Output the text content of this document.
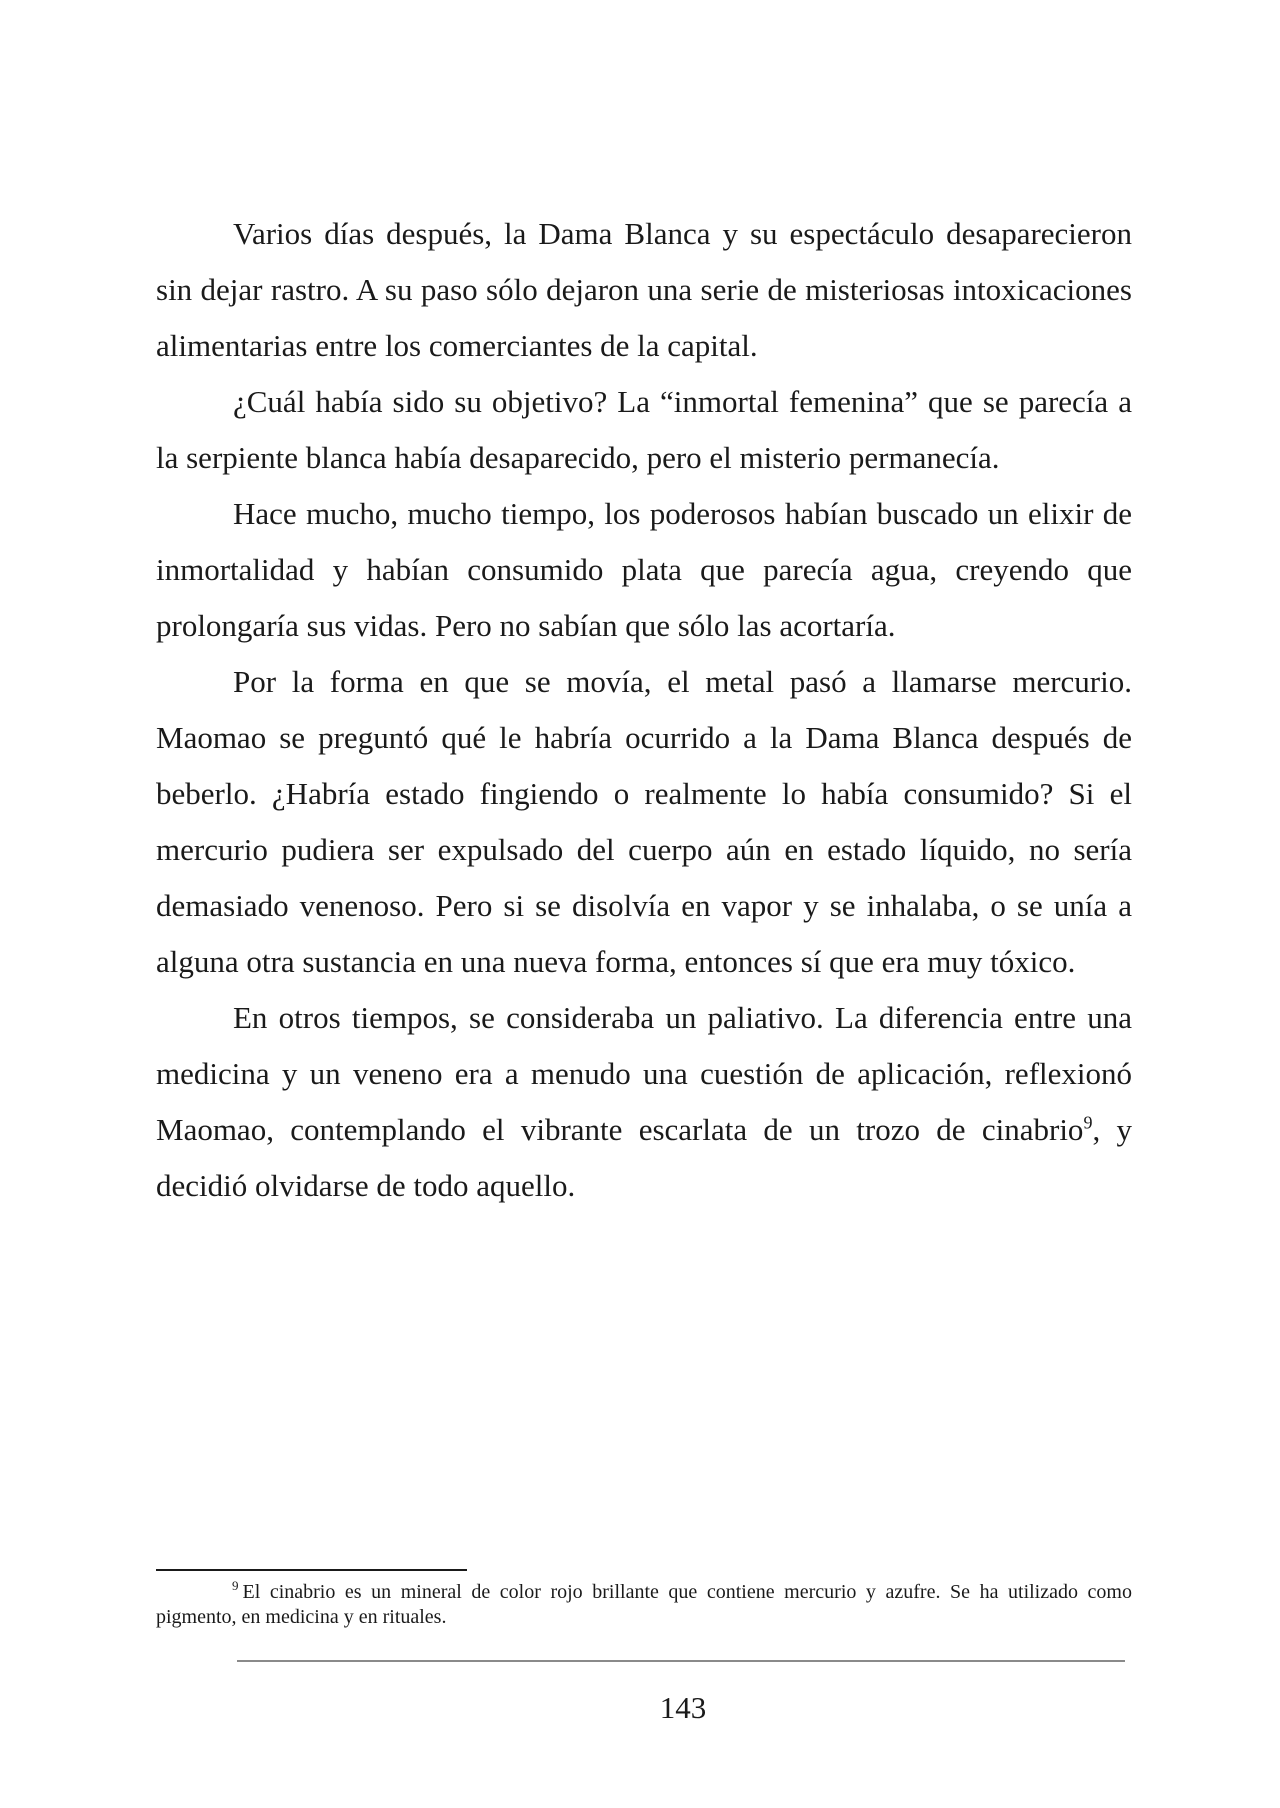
Varios días después, la Dama Blanca y su espectáculo desaparecieron sin dejar rastro. A su paso sólo dejaron una serie de misteriosas intoxicaciones alimentarias entre los comerciantes de la capital.

¿Cuál había sido su objetivo? La “inmortal femenina” que se parecía a la serpiente blanca había desaparecido, pero el misterio permanecía.

Hace mucho, mucho tiempo, los poderosos habían buscado un elixir de inmortalidad y habían consumido plata que parecía agua, creyendo que prolongaría sus vidas. Pero no sabían que sólo las acortaría.

Por la forma en que se movía, el metal pasó a llamarse mercurio. Maomao se preguntó qué le habría ocurrido a la Dama Blanca después de beberlo. ¿Habría estado fingiendo o realmente lo había consumido? Si el mercurio pudiera ser expulsado del cuerpo aún en estado líquido, no sería demasiado venenoso. Pero si se disolvía en vapor y se inhalaba, o se unía a alguna otra sustancia en una nueva forma, entonces sí que era muy tóxico.

En otros tiempos, se consideraba un paliativo. La diferencia entre una medicina y un veneno era a menudo una cuestión de aplicación, reflexionó Maomao, contemplando el vibrante escarlata de un trozo de cinabrio$^9$, y decidió olvidarse de todo aquello.

$^9$ El cinabrio es un mineral de color rojo brillante que contiene mercurio y azufre. Se ha utilizado como pigmento, en medicina y en rituales.

143
